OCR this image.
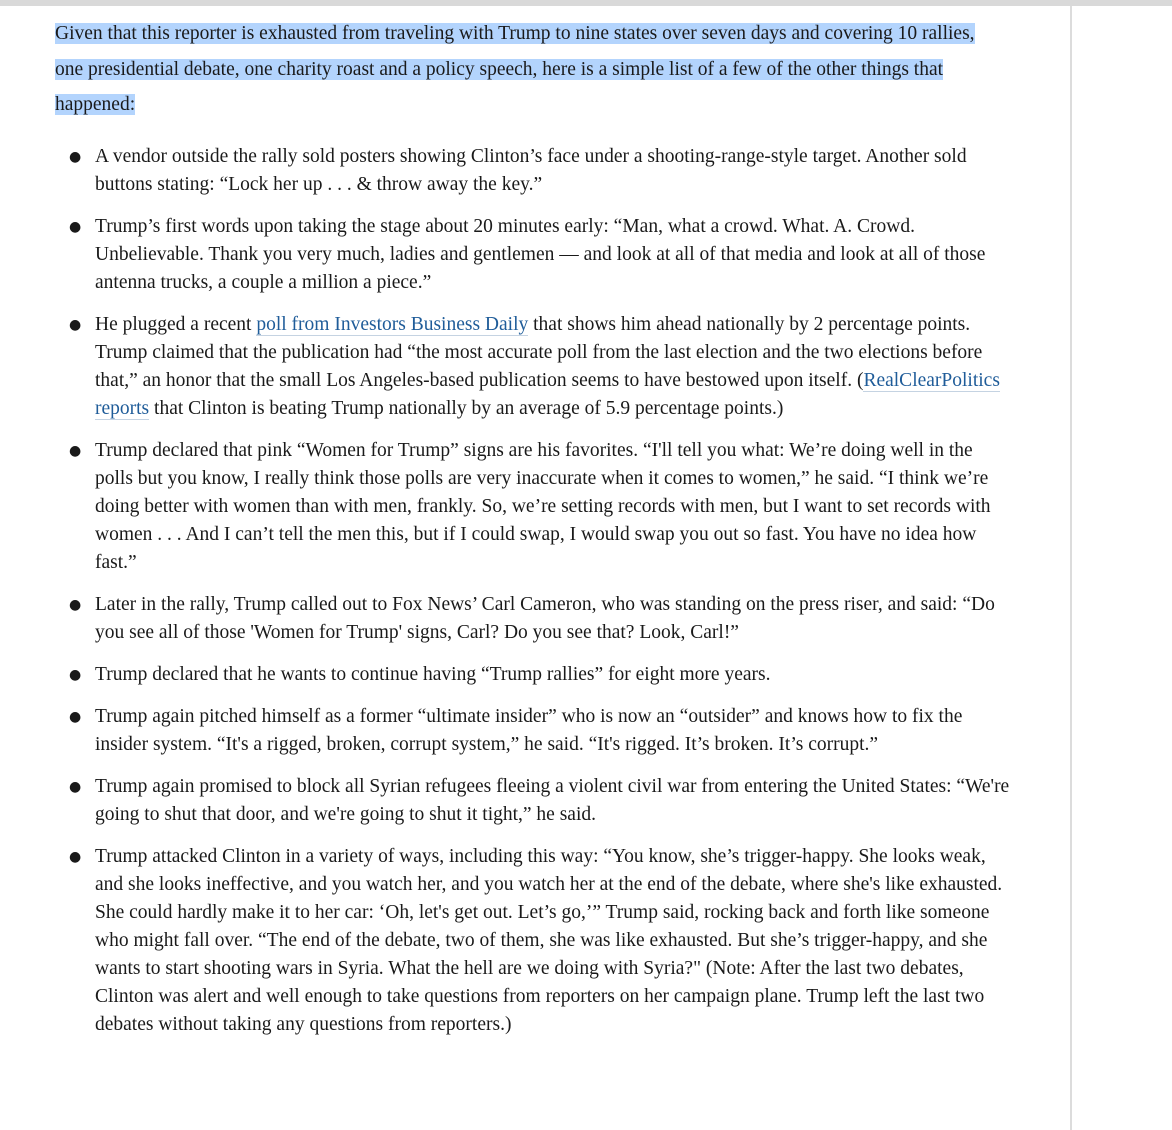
Given that this reporter is exhausted from traveling with Trump to nine states over seven days and covering 10 rallies, one presidential debate, one charity roast and a policy speech, here is a simple list of a few of the other things that happened:

● A vendor outside the rally sold posters showing Clinton’s face under a shooting-range-style target. Another sold buttons stating: “Lock her up . . . & throw away the key.”
● Trump’s first words upon taking the stage about 20 minutes early: “Man, what a crowd. What. A. Crowd. Unbelievable. Thank you very much, ladies and gentlemen — and look at all of that media and look at all of those antenna trucks, a couple a million a piece.”
● He plugged a recent poll from Investors Business Daily that shows him ahead nationally by 2 percentage points. Trump claimed that the publication had “the most accurate poll from the last election and the two elections before that,” an honor that the small Los Angeles-based publication seems to have bestowed upon itself. (RealClearPolitics reports that Clinton is beating Trump nationally by an average of 5.9 percentage points.)
● Trump declared that pink “Women for Trump” signs are his favorites. “I'll tell you what: We’re doing well in the polls but you know, I really think those polls are very inaccurate when it comes to women,” he said. “I think we’re doing better with women than with men, frankly. So, we’re setting records with men, but I want to set records with women . . . And I can’t tell the men this, but if I could swap, I would swap you out so fast. You have no idea how fast.”
● Later in the rally, Trump called out to Fox News’ Carl Cameron, who was standing on the press riser, and said: “Do you see all of those 'Women for Trump' signs, Carl? Do you see that? Look, Carl!”
● Trump declared that he wants to continue having “Trump rallies” for eight more years.
● Trump again pitched himself as a former “ultimate insider” who is now an “outsider” and knows how to fix the insider system. “It's a rigged, broken, corrupt system,” he said. “It's rigged. It’s broken. It’s corrupt.”
● Trump again promised to block all Syrian refugees fleeing a violent civil war from entering the United States: “We're going to shut that door, and we're going to shut it tight,” he said.
● Trump attacked Clinton in a variety of ways, including this way: “You know, she’s trigger-happy. She looks weak, and she looks ineffective, and you watch her, and you watch her at the end of the debate, where she's like exhausted. She could hardly make it to her car: ‘Oh, let's get out. Let’s go,’” Trump said, rocking back and forth like someone who might fall over. “The end of the debate, two of them, she was like exhausted. But she’s trigger-happy, and she wants to start shooting wars in Syria. What the hell are we doing with Syria?" (Note: After the last two debates, Clinton was alert and well enough to take questions from reporters on her campaign plane. Trump left the last two debates without taking any questions from reporters.)
